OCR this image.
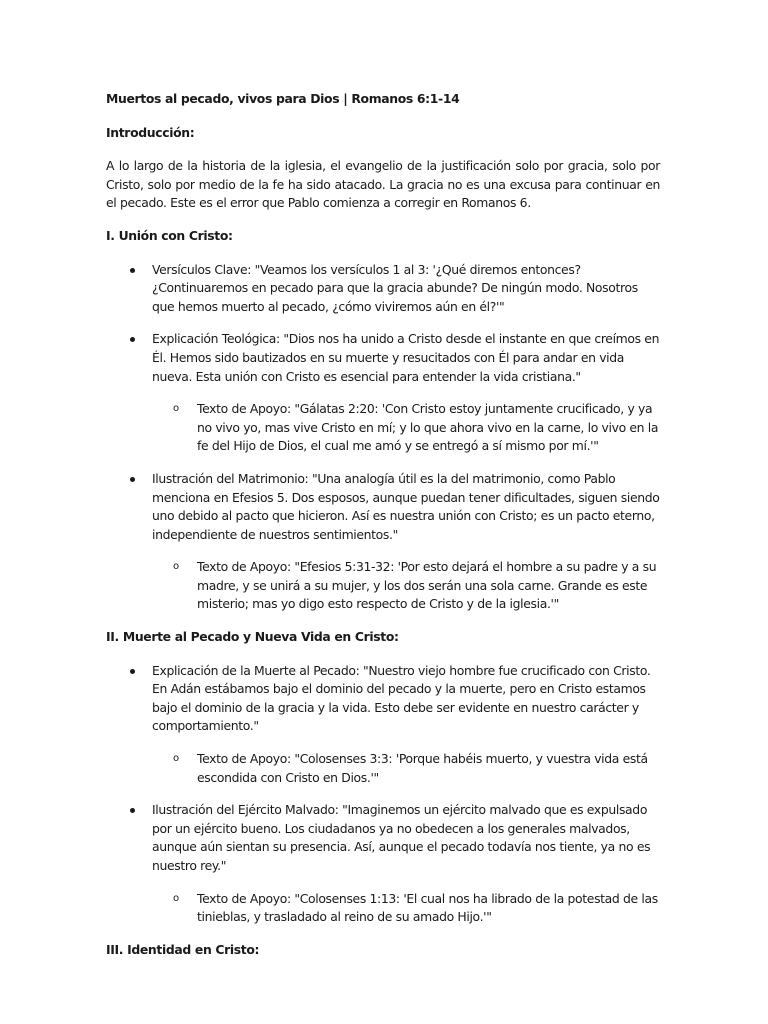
Muertos al pecado, vivos para Dios | Romanos 6:1-14
Introducción:
A lo largo de la historia de la iglesia, el evangelio de la justificación solo por gracia, solo por Cristo, solo por medio de la fe ha sido atacado. La gracia no es una excusa para continuar en el pecado. Este es el error que Pablo comienza a corregir en Romanos 6.
I. Unión con Cristo:
Versículos Clave: "Veamos los versículos 1 al 3: '¿Qué diremos entonces? ¿Continuaremos en pecado para que la gracia abunde? De ningún modo. Nosotros que hemos muerto al pecado, ¿cómo viviremos aún en él?'"
Explicación Teológica: "Dios nos ha unido a Cristo desde el instante en que creímos en Él. Hemos sido bautizados en su muerte y resucitados con Él para andar en vida nueva. Esta unión con Cristo es esencial para entender la vida cristiana."
o Texto de Apoyo: "Gálatas 2:20: 'Con Cristo estoy juntamente crucificado, y ya no vivo yo, mas vive Cristo en mí; y lo que ahora vivo en la carne, lo vivo en la fe del Hijo de Dios, el cual me amó y se entregó a sí mismo por mí.'"
Ilustración del Matrimonio: "Una analogía útil es la del matrimonio, como Pablo menciona en Efesios 5. Dos esposos, aunque puedan tener dificultades, siguen siendo uno debido al pacto que hicieron. Así es nuestra unión con Cristo; es un pacto eterno, independiente de nuestros sentimientos."
o Texto de Apoyo: "Efesios 5:31-32: 'Por esto dejará el hombre a su padre y a su madre, y se unirá a su mujer, y los dos serán una sola carne. Grande es este misterio; mas yo digo esto respecto de Cristo y de la iglesia.'"
II. Muerte al Pecado y Nueva Vida en Cristo:
Explicación de la Muerte al Pecado: "Nuestro viejo hombre fue crucificado con Cristo. En Adán estábamos bajo el dominio del pecado y la muerte, pero en Cristo estamos bajo el dominio de la gracia y la vida. Esto debe ser evidente en nuestro carácter y comportamiento."
o Texto de Apoyo: "Colosenses 3:3: 'Porque habéis muerto, y vuestra vida está escondida con Cristo en Dios.'"
Ilustración del Ejército Malvado: "Imaginemos un ejército malvado que es expulsado por un ejército bueno. Los ciudadanos ya no obedecen a los generales malvados, aunque aún sientan su presencia. Así, aunque el pecado todavía nos tiente, ya no es nuestro rey."
o Texto de Apoyo: "Colosenses 1:13: 'El cual nos ha librado de la potestad de las tinieblas, y trasladado al reino de su amado Hijo.'"
III. Identidad en Cristo:
